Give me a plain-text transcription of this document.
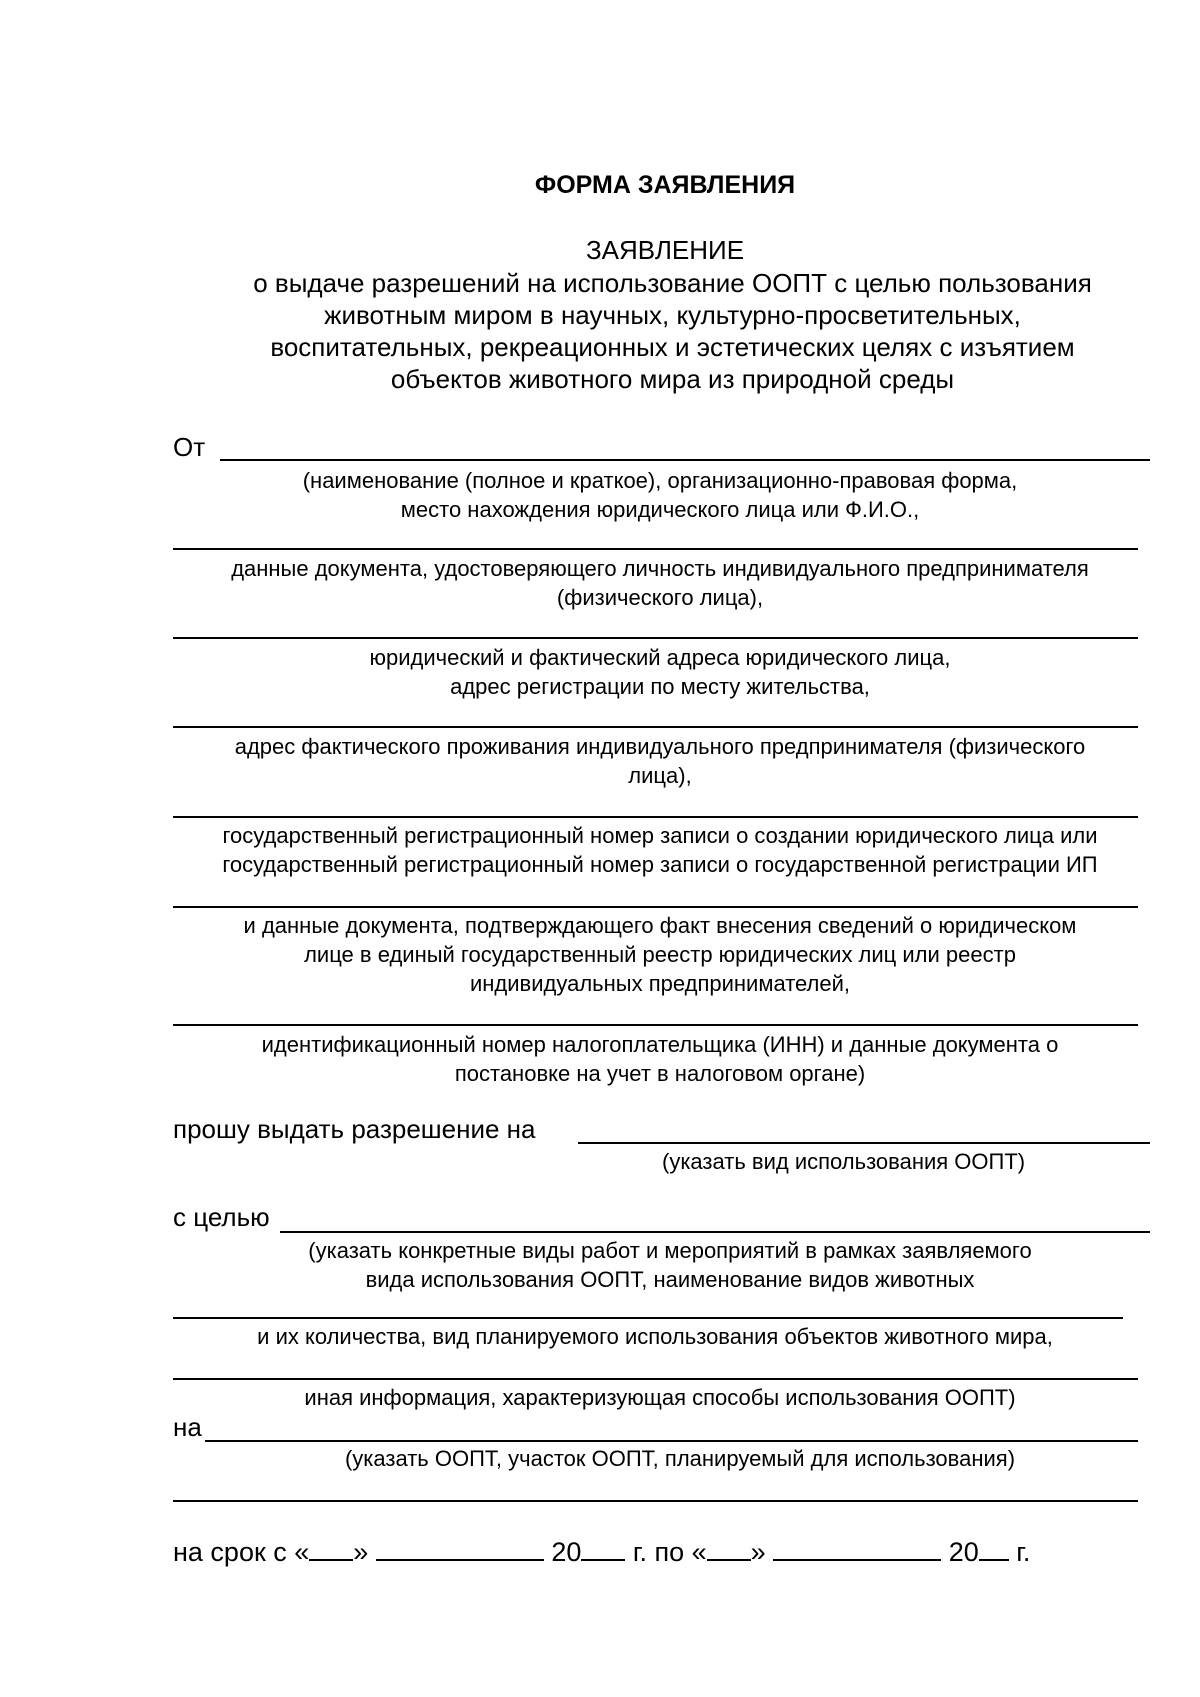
ФОРМА ЗАЯВЛЕНИЯ
ЗАЯВЛЕНИЕ
о выдаче разрешений на использование ООПТ с целью пользования
животным миром в научных, культурно-просветительных,
воспитательных, рекреационных и эстетических целях с изъятием
объектов животного мира из природной среды
От
(наименование (полное и краткое), организационно-правовая форма,
место нахождения юридического лица или Ф.И.О.,
данные документа, удостоверяющего личность индивидуального предпринимателя
(физического лица),
юридический и фактический адреса юридического лица,
адрес регистрации по месту жительства,
адрес фактического проживания индивидуального предпринимателя (физического
лица),
государственный регистрационный номер записи о создании юридического лица или
государственный регистрационный номер записи о государственной регистрации ИП
и данные документа, подтверждающего факт внесения сведений о юридическом
лице в единый государственный реестр юридических лиц или реестр
индивидуальных предпринимателей,
идентификационный номер налогоплательщика (ИНН) и данные документа о
постановке на учет в налоговом органе)
прошу выдать разрешение на
(указать вид использования ООПТ)
с целью
(указать конкретные виды работ и мероприятий в рамках заявляемого
вида использования ООПТ, наименование видов животных
и их количества, вид планируемого использования объектов животного мира,
иная информация, характеризующая способы использования ООПТ)
на
(указать ООПТ, участок ООПТ, планируемый для использования)
на срок с « »	20 г. по « »	20 г.
